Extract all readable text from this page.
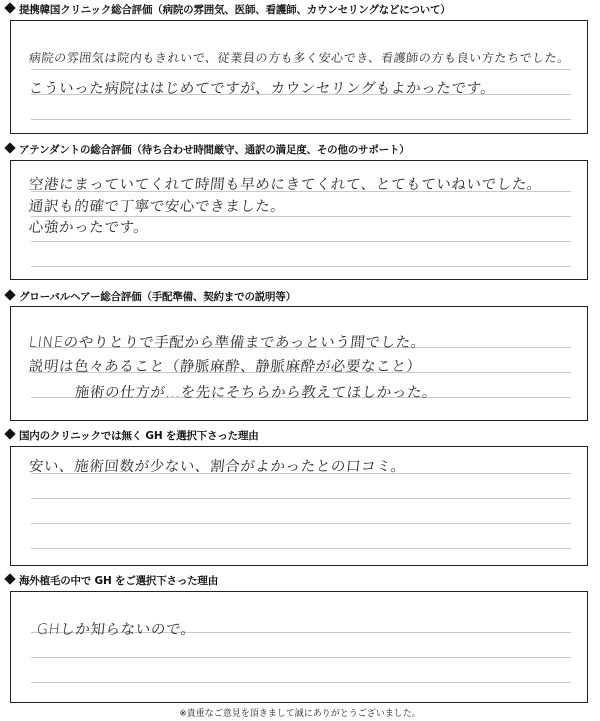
提携韓国クリニック総合評価（病院の雰囲気、医師、看護師、カウンセリングなどについて）
病院の雰囲気は院内もきれいで、従業員の方も多く安心でき、看護師の方も良い方たちでした。
こういった病院ははじめてですが、カウンセリングもよかったです。
アテンダントの総合評価（待ち合わせ時間厳守、通訳の満足度、その他のサポート）
空港にまっていてくれて時間も早めにきてくれて、とてもていねいでした。
通訳も的確で丁寧で安心できました。
心強かったです。
グローバルヘアー総合評価（手配準備、契約までの説明等）
LINEのやりとりで手配から準備まであっという間でした。
説明は色々あること（静脈麻酔、静脈麻酔が必要なこと）
施術の仕方が…を先にそちらから教えてほしかった。
国内のクリニックでは無く GH を選択下さった理由
安い、施術回数が少ない、割合がよかったとの口コミ。
海外植毛の中で GH をご選択下さった理由
GHしか知らないので。
※貴重なご意見を頂きまして誠にありがとうございました。
